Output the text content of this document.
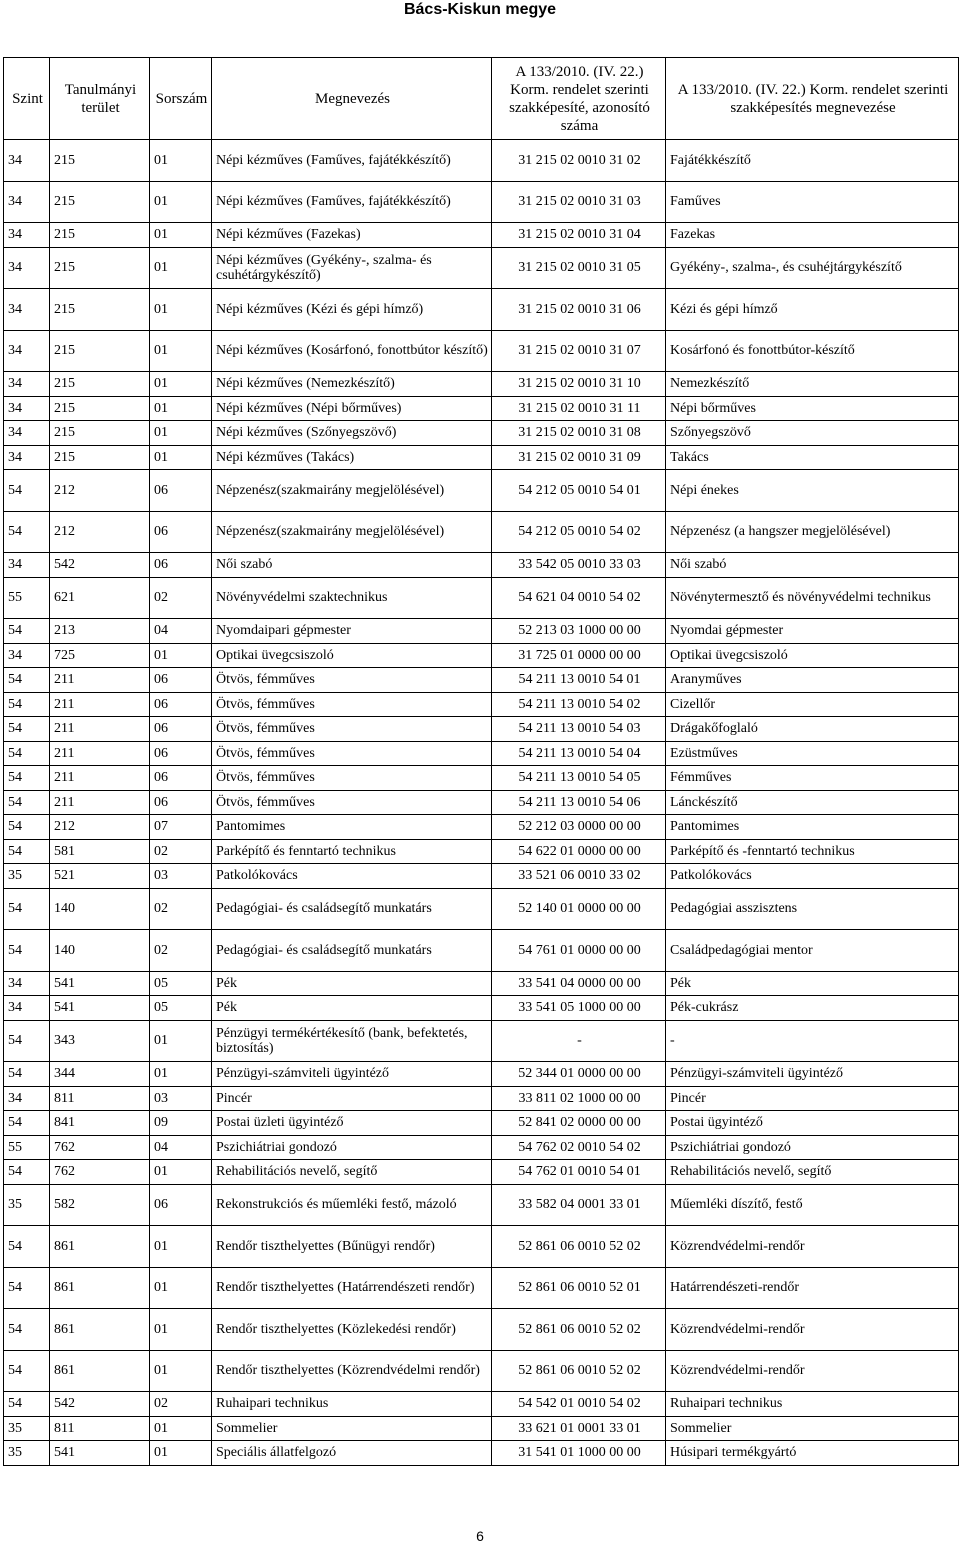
Bács-Kiskun megye
Szint	Tanulmányi terület	Sorszám	Megnevezés	A 133/2010. (IV. 22.) Korm. rendelet szerinti szakképesíté, azonosító száma	A 133/2010. (IV. 22.) Korm. rendelet szerinti szakképesítés megnevezése
34	215	01	Népi kézműves (Faműves, fajátékkészítő)	31 215 02 0010 31 02	Fajátékkészítő
34	215	01	Népi kézműves (Faműves, fajátékkészítő)	31 215 02 0010 31 03	Faműves
34	215	01	Népi kézműves (Fazekas)	31 215 02 0010 31 04	Fazekas
34	215	01	Népi kézműves (Gyékény-, szalma- és csuhétárgykészítő)	31 215 02 0010 31 05	Gyékény-, szalma-, és csuhéjtárgykészítő
34	215	01	Népi kézműves (Kézi és gépi hímző)	31 215 02 0010 31 06	Kézi és gépi hímző
34	215	01	Népi kézműves (Kosárfonó, fonottbútor készítő)	31 215 02 0010 31 07	Kosárfonó és fonottbútor-készítő
34	215	01	Népi kézműves (Nemezkészítő)	31 215 02 0010 31 10	Nemezkészítő
34	215	01	Népi kézműves (Népi bőrműves)	31 215 02 0010 31 11	Népi bőrműves
34	215	01	Népi kézműves (Szőnyegszövő)	31 215 02 0010 31 08	Szőnyegszövő
34	215	01	Népi kézműves (Takács)	31 215 02 0010 31 09	Takács
54	212	06	Népzenész(szakmairány megjelölésével)	54 212 05 0010 54 01	Népi énekes
54	212	06	Népzenész(szakmairány megjelölésével)	54 212 05 0010 54 02	Népzenész (a hangszer megjelölésével)
34	542	06	Női szabó	33 542 05 0010 33 03	Női szabó
55	621	02	Növényvédelmi szaktechnikus	54 621 04 0010 54 02	Növénytermesztő és növényvédelmi technikus
54	213	04	Nyomdaipari gépmester	52 213 03 1000 00 00	Nyomdai gépmester
34	725	01	Optikai üvegcsiszoló	31 725 01 0000 00 00	Optikai üvegcsiszoló
54	211	06	Ötvös, fémműves	54 211 13 0010 54 01	Aranyműves
54	211	06	Ötvös, fémműves	54 211 13 0010 54 02	Cizellőr
54	211	06	Ötvös, fémműves	54 211 13 0010 54 03	Drágakőfoglaló
54	211	06	Ötvös, fémműves	54 211 13 0010 54 04	Ezüstműves
54	211	06	Ötvös, fémműves	54 211 13 0010 54 05	Fémműves
54	211	06	Ötvös, fémműves	54 211 13 0010 54 06	Lánckészítő
54	212	07	Pantomimes	52 212 03 0000 00 00	Pantomimes
54	581	02	Parképítő és fenntartó technikus	54 622 01 0000 00 00	Parképítő és -fenntartó technikus
35	521	03	Patkolókovács	33 521 06 0010 33 02	Patkolókovács
54	140	02	Pedagógiai- és családsegítő munkatárs	52 140 01 0000 00 00	Pedagógiai asszisztens
54	140	02	Pedagógiai- és családsegítő munkatárs	54 761 01 0000 00 00	Családpedagógiai mentor
34	541	05	Pék	33 541 04 0000 00 00	Pék
34	541	05	Pék	33 541 05 1000 00 00	Pék-cukrász
54	343	01	Pénzügyi termékértékesítő (bank, befektetés, biztosítás)	-	-
54	344	01	Pénzügyi-számviteli ügyintéző	52 344 01 0000 00 00	Pénzügyi-számviteli ügyintéző
34	811	03	Pincér	33 811 02 1000 00 00	Pincér
54	841	09	Postai üzleti ügyintéző	52 841 02 0000 00 00	Postai ügyintéző
55	762	04	Pszichiátriai gondozó	54 762 02 0010 54 02	Pszichiátriai gondozó
54	762	01	Rehabilitációs nevelő, segítő	54 762 01 0010 54 01	Rehabilitációs nevelő, segítő
35	582	06	Rekonstrukciós és műemléki festő, mázoló	33 582 04 0001 33 01	Műemléki díszítő, festő
54	861	01	Rendőr tiszthelyettes (Bűnügyi rendőr)	52 861 06 0010 52 02	Közrendvédelmi-rendőr
54	861	01	Rendőr tiszthelyettes (Határrendészeti rendőr)	52 861 06 0010 52 01	Határrendészeti-rendőr
54	861	01	Rendőr tiszthelyettes (Közlekedési rendőr)	52 861 06 0010 52 02	Közrendvédelmi-rendőr
54	861	01	Rendőr tiszthelyettes (Közrendvédelmi rendőr)	52 861 06 0010 52 02	Közrendvédelmi-rendőr
54	542	02	Ruhaipari technikus	54 542 01 0010 54 02	Ruhaipari technikus
35	811	01	Sommelier	33 621 01 0001 33 01	Sommelier
35	541	01	Speciális állatfelgozó	31 541 01 1000 00 00	Húsipari termékgyártó
6
